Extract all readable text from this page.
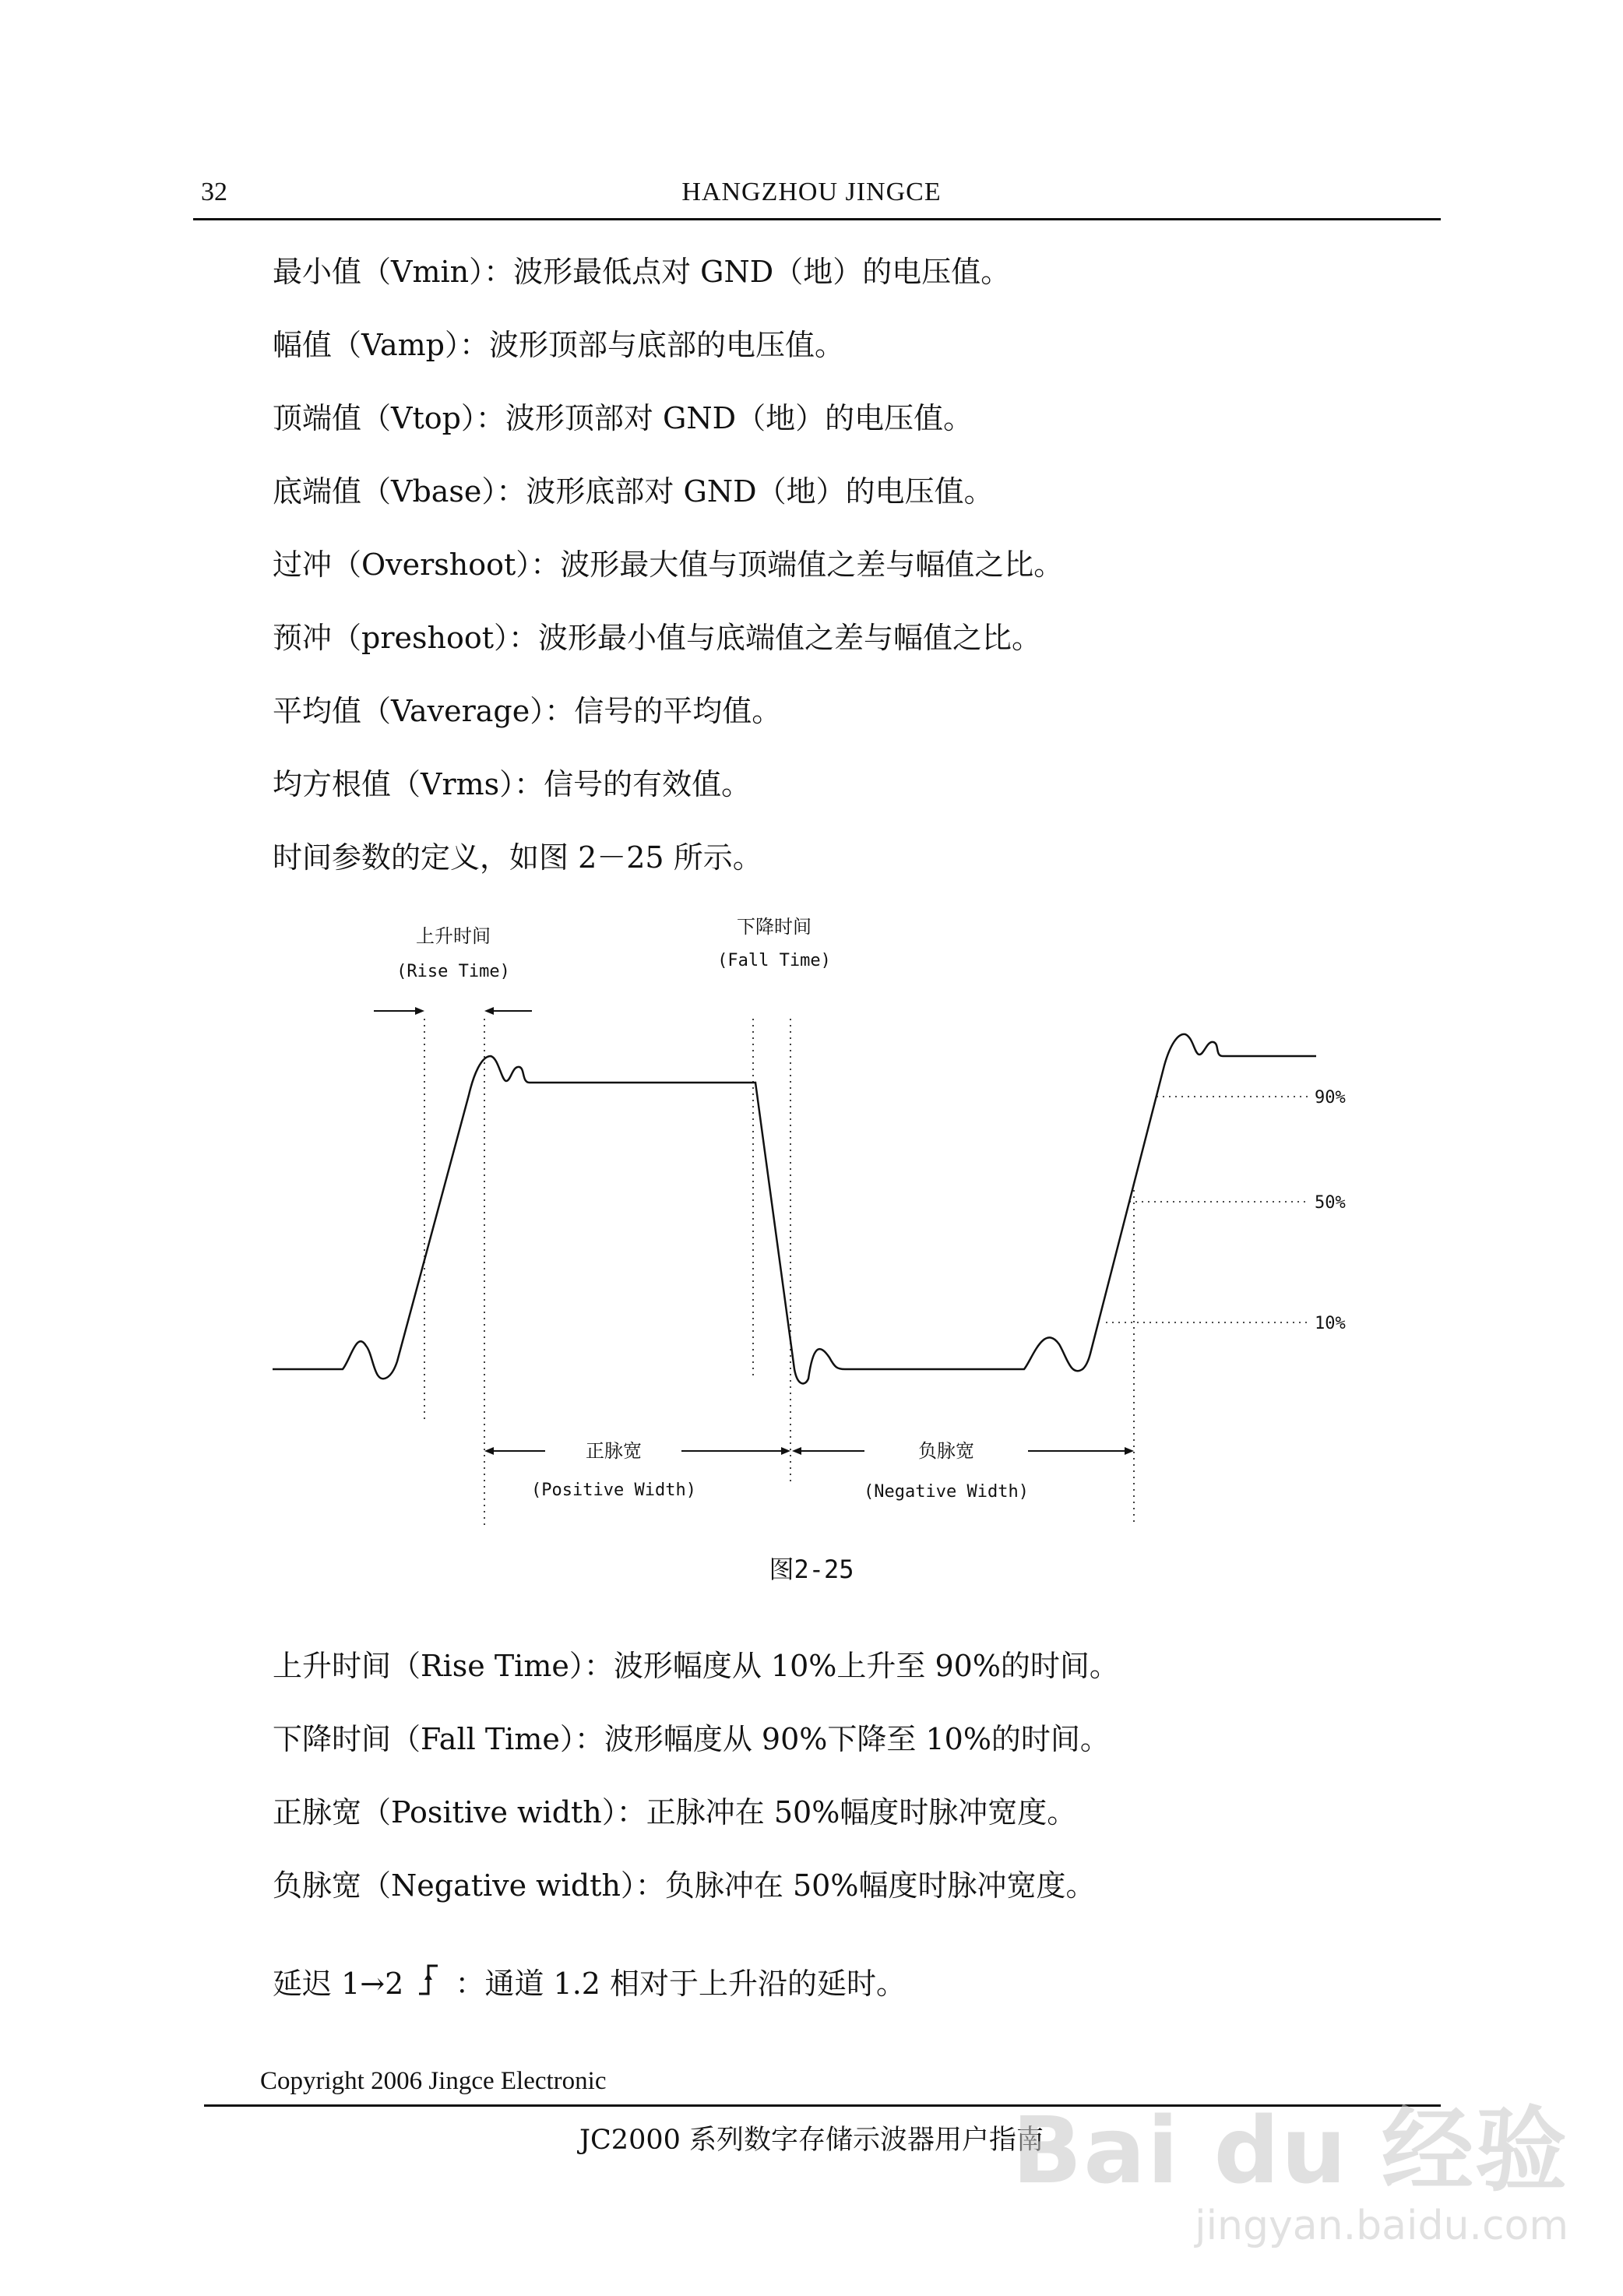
32	HANGZHOU JINGCE
最小值（Vmin）：波形最低点对 GND（地）的电压值。
幅值（Vamp）：波形顶部与底部的电压值。
顶端值（Vtop）：波形顶部对 GND（地）的电压值。
底端值（Vbase）：波形底部对 GND（地）的电压值。
过冲（Overshoot）：波形最大值与顶端值之差与幅值之比。
预冲（preshoot）：波形最小值与底端值之差与幅值之比。
平均值（Vaverage）：信号的平均值。
均方根值（Vrms）：信号的有效值。
时间参数的定义，如图 2－25 所示。
上升时间
(Rise Time)
下降时间
(Fall Time)
90%
50%
10%
正脉宽
(Positive Width)
负脉宽
(Negative Width)
图2-25
上升时间（Rise Time）：波形幅度从 10%上升至 90%的时间。
下降时间（Fall Time）：波形幅度从 90%下降至 10%的时间。
正脉宽（Positive width）：正脉冲在 50%幅度时脉冲宽度。
负脉宽（Negative width）：负脉冲在 50%幅度时脉冲宽度。
延迟 1→2 ：通道 1.2 相对于上升沿的延时。
Copyright 2006 Jingce Electronic
JC2000 系列数字存储示波器用户指南
Bai du 经验
jingyan.baidu.com
